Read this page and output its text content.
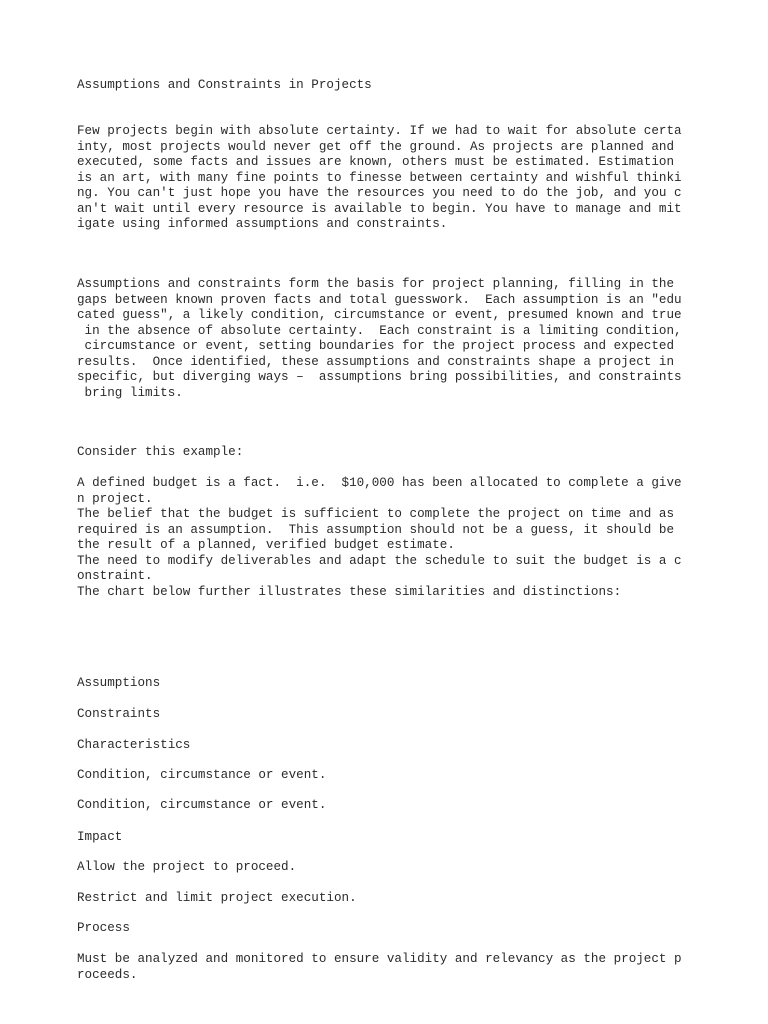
Assumptions and Constraints in Projects
Few projects begin with absolute certainty. If we had to wait for absolute certa
inty, most projects would never get off the ground. As projects are planned and
executed, some facts and issues are known, others must be estimated. Estimation
is an art, with many fine points to finesse between certainty and wishful thinki
ng. You can't just hope you have the resources you need to do the job, and you c
an't wait until every resource is available to begin. You have to manage and mit
igate using informed assumptions and constraints.
Assumptions and constraints form the basis for project planning, filling in the
gaps between known proven facts and total guesswork.  Each assumption is an "edu
cated guess", a likely condition, circumstance or event, presumed known and true
in the absence of absolute certainty.  Each constraint is a limiting condition,
circumstance or event, setting boundaries for the project process and expected
results.  Once identified, these assumptions and constraints shape a project in
specific, but diverging ways –  assumptions bring possibilities, and constraints
bring limits.
Consider this example:
A defined budget is a fact.  i.e.  $10,000 has been allocated to complete a give
n project.
The belief that the budget is sufficient to complete the project on time and as
required is an assumption.  This assumption should not be a guess, it should be
the result of a planned, verified budget estimate.
The need to modify deliverables and adapt the schedule to suit the budget is a c
onstraint.
The chart below further illustrates these similarities and distinctions:
Assumptions
Constraints
Characteristics
Condition, circumstance or event.
Condition, circumstance or event.
Impact
Allow the project to proceed.
Restrict and limit project execution.
Process
Must be analyzed and monitored to ensure validity and relevancy as the project p
roceeds.
